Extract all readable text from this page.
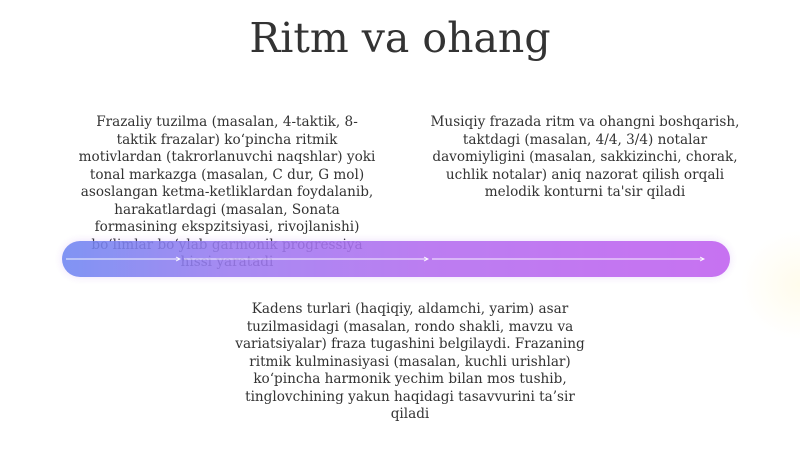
Ritm va ohang

Frazaliy tuzilma (masalan, 4-taktik, 8-taktik frazalar) ko‘pincha ritmik motivlardan (takrorlanuvchi naqshlar) yoki tonal markazga (masalan, C dur, G mol) asoslangan ketma-ketliklardan foydalanib, harakatlardagi (masalan, Sonata formasining ekspzitsiyasi, rivojlanishi)

Musiqiy frazada ritm va ohangni boshqarish, taktdagi (masalan, 4/4, 3/4) notalar davomiyligini (masalan, sakkizinchi, chorak, uchlik notalar) aniq nazorat qilish orqali melodik konturni ta'sir qiladi

Kadens turlari (haqiqiy, aldamchi, yarim) asar tuzilmasidagi (masalan, rondo shakli, mavzu va variatsiyalar) fraza tugashini belgilaydi. Frazaning ritmik kulminasiyasi (masalan, kuchli urishlar) ko‘pincha harmonik yechim bilan mos tushib, tinglovchining yakun haqidagi tasavvurini ta’sir qiladi
